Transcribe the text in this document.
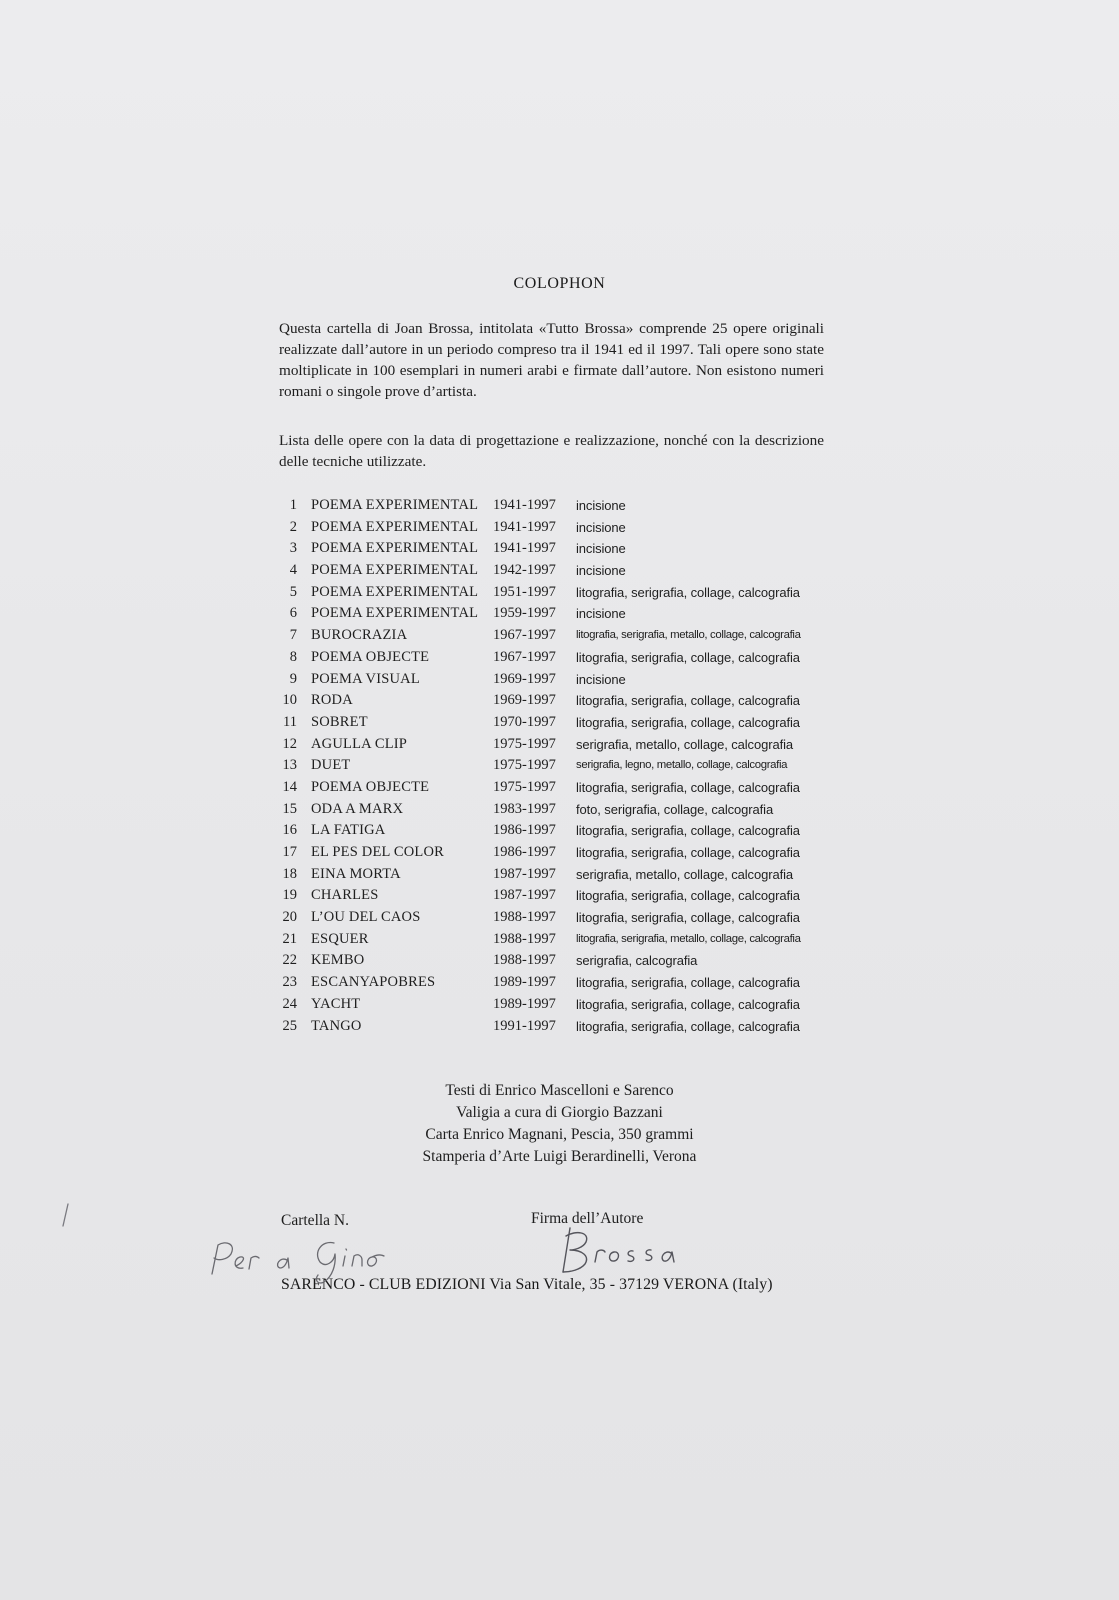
COLOPHON
Questa cartella di Joan Brossa, intitolata «Tutto Brossa» comprende 25 opere originali realizzate dall’autore in un periodo compreso tra il 1941 ed il 1997. Tali opere sono state moltiplicate in 100 esemplari in numeri arabi e firmate dall’autore. Non esistono numeri romani o singole prove d’artista.
Lista delle opere con la data di progettazione e realizzazione, nonché con la descrizione delle tecniche utilizzate.
1 POEMA EXPERIMENTAL 1941-1997 incisione
2 POEMA EXPERIMENTAL 1941-1997 incisione
3 POEMA EXPERIMENTAL 1941-1997 incisione
4 POEMA EXPERIMENTAL 1942-1997 incisione
5 POEMA EXPERIMENTAL 1951-1997 litografia, serigrafia, collage, calcografia
6 POEMA EXPERIMENTAL 1959-1997 incisione
7 BUROCRAZIA	1967-1997 litografia, serigrafia, metallo, collage, calcografia
8 POEMA OBJECTE	1967-1997 litografia, serigrafia, collage, calcografia
9 POEMA VISUAL	1969-1997 incisione
10 RODA	1969-1997 litografia, serigrafia, collage, calcografia
11 SOBRET	1970-1997 litografia, serigrafia, collage, calcografia
12 AGULLA CLIP	1975-1997 serigrafia, metallo, collage, calcografia
13 DUET	1975-1997 serigrafia, legno, metallo, collage, calcografia
14 POEMA OBJECTE	1975-1997 litografia, serigrafia, collage, calcografia
15 ODA A MARX	1983-1997 foto, serigrafia, collage, calcografia
16 LA FATIGA	1986-1997 litografia, serigrafia, collage, calcografia
17 EL PES DEL COLOR	1986-1997 litografia, serigrafia, collage, calcografia
18 EINA MORTA	1987-1997 serigrafia, metallo, collage, calcografia
19 CHARLES	1987-1997 litografia, serigrafia, collage, calcografia
20 L’OU DEL CAOS	1988-1997 litografia, serigrafia, collage, calcografia
21 ESQUER	1988-1997 litografia, serigrafia, metallo, collage, calcografia
22 KEMBO	1988-1997 serigrafia, calcografia
23 ESCANYAPOBRES	1989-1997 litografia, serigrafia, collage, calcografia
24 YACHT	1989-1997 litografia, serigrafia, collage, calcografia
25 TANGO	1991-1997 litografia, serigrafia, collage, calcografia
Testi di Enrico Mascelloni e Sarenco
Valigia a cura di Giorgio Bazzani
Carta Enrico Magnani, Pescia, 350 grammi
Stamperia d’Arte Luigi Berardinelli, Verona
Cartella N.	Firma dell’Autore
SARENCO - CLUB EDIZIONI Via San Vitale, 35 - 37129 VERONA (Italy)
